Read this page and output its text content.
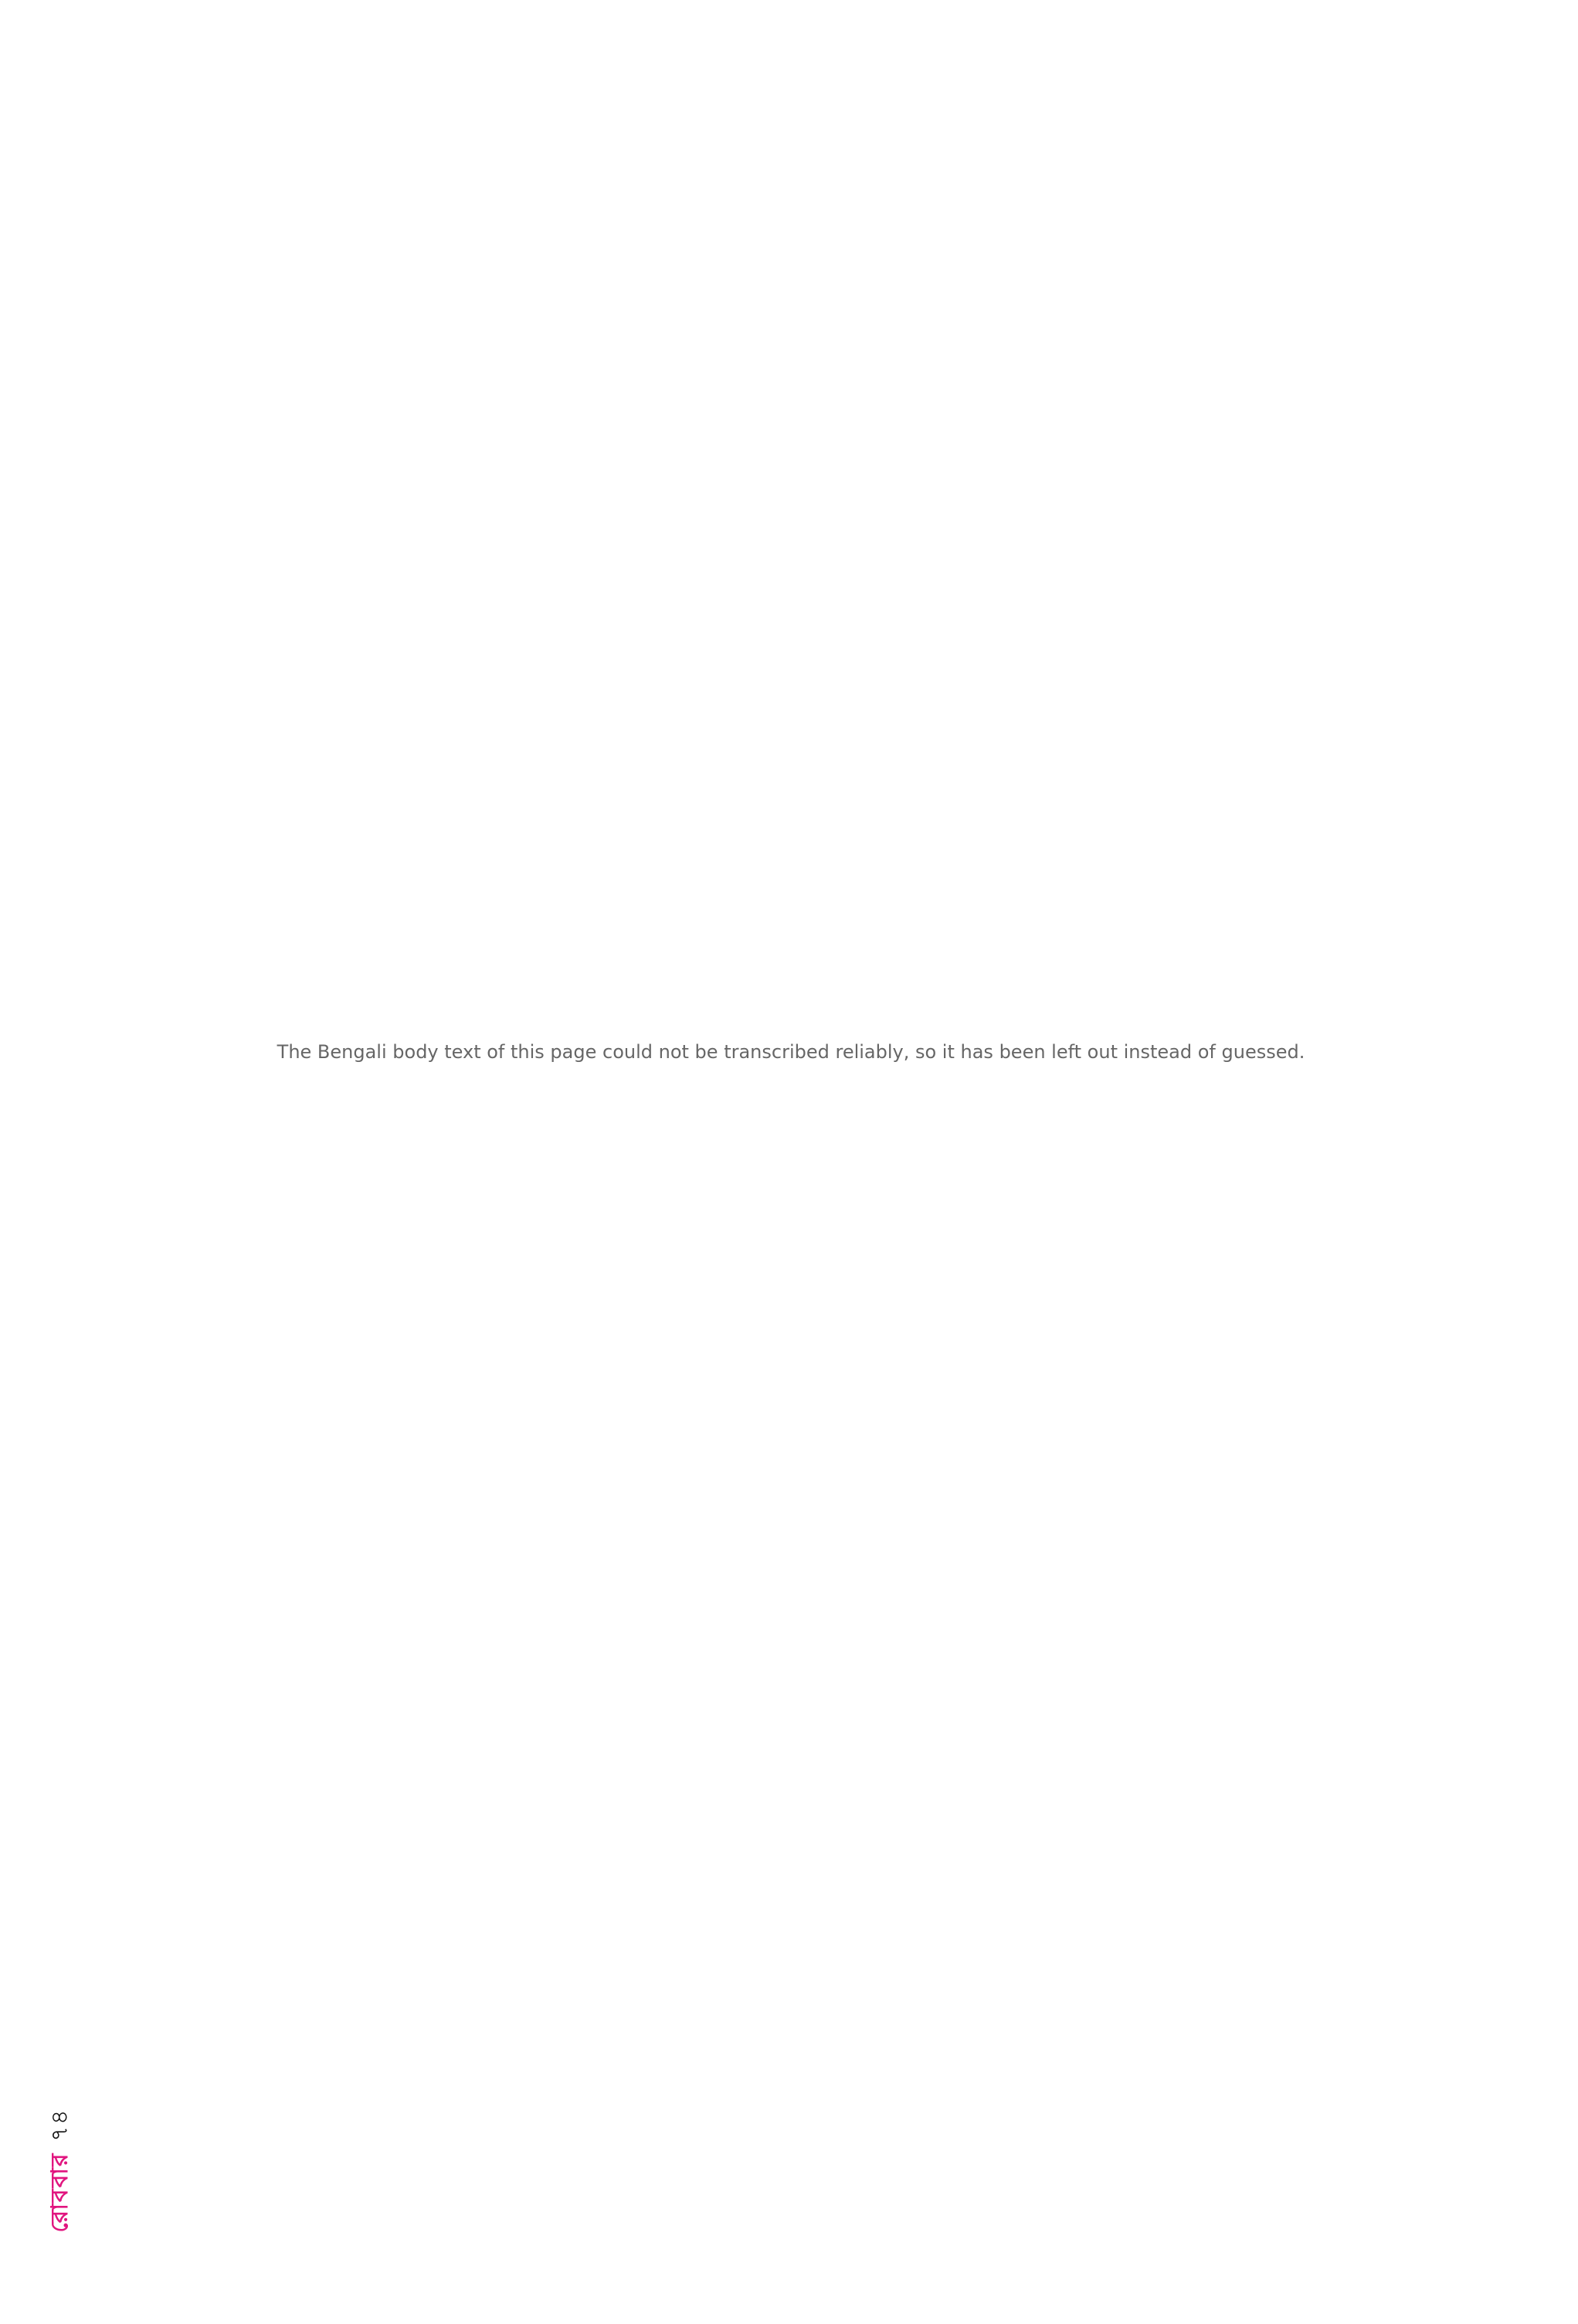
The Bengali body text of this page could not be transcribed reliably, so it has been left out instead of guessed.

রোববার৭৪
